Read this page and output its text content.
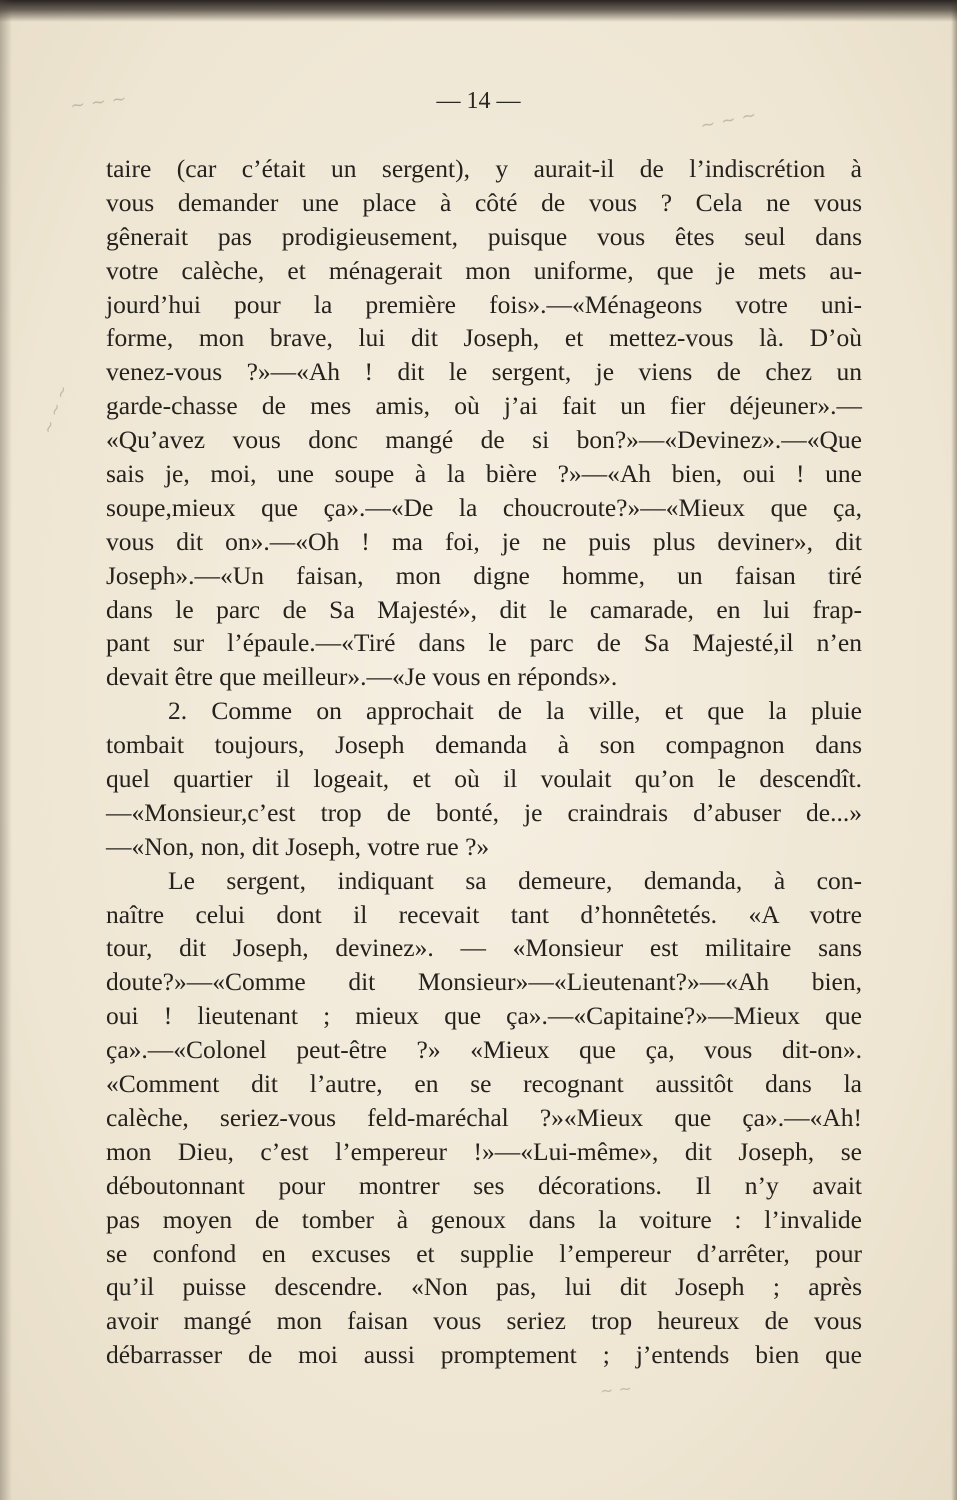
~ ~ ~
~ ~ ~
~ ~ ~
~ ~
— 14 —
taire (car c’était un sergent), y aurait-il de l’indiscrétion à
vous demander une place à côté de vous ? Cela ne vous
gênerait pas prodigieusement, puisque vous êtes seul dans
votre calèche, et ménagerait mon uniforme, que je mets au-
jourd’hui pour la première fois».—«Ménageons votre uni-
forme, mon brave, lui dit Joseph, et mettez-vous là. D’où
venez-vous ?»—«Ah ! dit le sergent, je viens de chez un
garde-chasse de mes amis, où j’ai fait un fier déjeuner».—
«Qu’avez vous donc mangé de si bon?»—«Devinez».—«Que
sais je, moi, une soupe à la bière ?»—«Ah bien, oui ! une
soupe,mieux que ça».—«De la choucroute?»—«Mieux que ça,
vous dit on».—«Oh ! ma foi, je ne puis plus deviner», dit
Joseph».—«Un faisan, mon digne homme, un faisan tiré
dans le parc de Sa Majesté», dit le camarade, en lui frap-
pant sur l’épaule.—«Tiré dans le parc de Sa Majesté,il n’en
devait être que meilleur».—«Je vous en réponds».
2. Comme on approchait de la ville, et que la pluie
tombait toujours, Joseph demanda à son compagnon dans
quel quartier il logeait, et où il voulait qu’on le descendît.
—«Monsieur,c’est trop de bonté, je craindrais d’abuser de...»
—«Non, non, dit Joseph, votre rue ?»
Le sergent, indiquant sa demeure, demanda, à con-
naître celui dont il recevait tant d’honnêtetés. «A votre
tour, dit Joseph, devinez». — «Monsieur est militaire sans
doute?»—«Comme dit Monsieur»—«Lieutenant?»—«Ah bien,
oui ! lieutenant ; mieux que ça».—«Capitaine?»—Mieux que
ça».—«Colonel peut-être ?» «Mieux que ça, vous dit-on».
«Comment dit l’autre, en se recognant aussitôt dans la
calèche, seriez-vous feld-maréchal ?»«Mieux que ça».—«Ah!
mon Dieu, c’est l’empereur !»—«Lui-même», dit Joseph, se
déboutonnant pour montrer ses décorations. Il n’y avait
pas moyen de tomber à genoux dans la voiture : l’invalide
se confond en excuses et supplie l’empereur d’arrêter, pour
qu’il puisse descendre. «Non pas, lui dit Joseph ; après
avoir mangé mon faisan vous seriez trop heureux de vous
débarrasser de moi aussi promptement ; j’entends bien que
